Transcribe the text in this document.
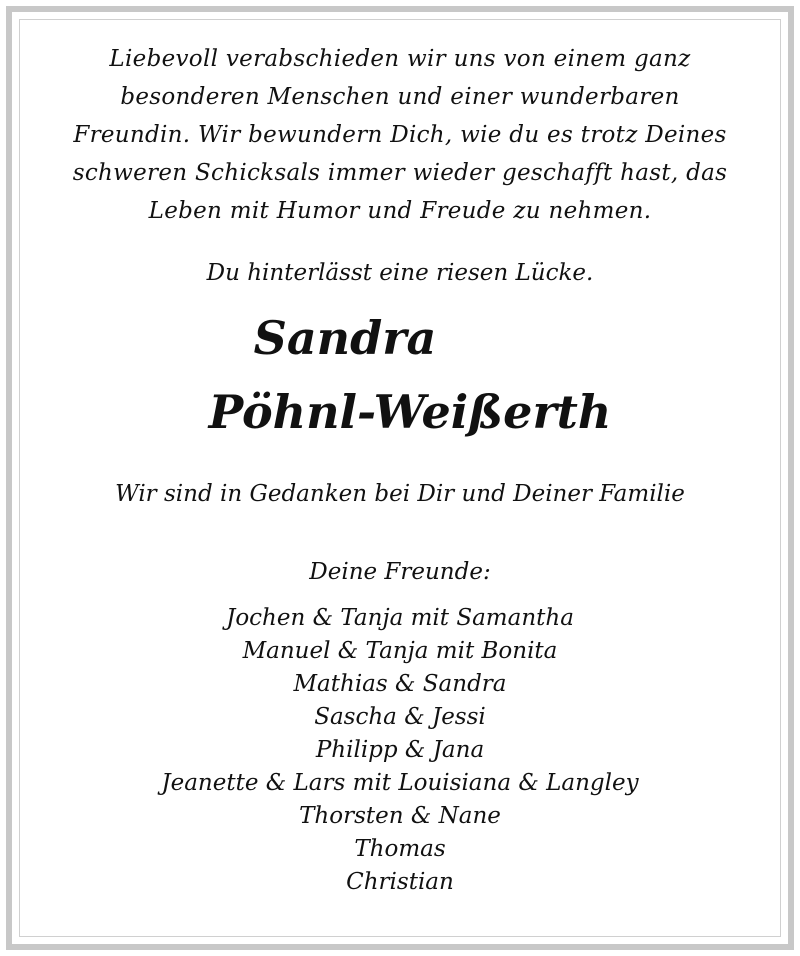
Liebevoll verabschieden wir uns von einem ganz
besonderen Menschen und einer wunderbaren
Freundin. Wir bewundern Dich, wie du es trotz Deines
schweren Schicksals immer wieder geschafft hast, das
Leben mit Humor und Freude zu nehmen.
Du hinterlässt eine riesen Lücke.
Sandra
Pöhnl-Weißerth
Wir sind in Gedanken bei Dir und Deiner Familie
Deine Freunde:
Jochen & Tanja mit Samantha
Manuel & Tanja mit Bonita
Mathias & Sandra
Sascha & Jessi
Philipp & Jana
Jeanette & Lars mit Louisiana & Langley
Thorsten & Nane
Thomas
Christian
